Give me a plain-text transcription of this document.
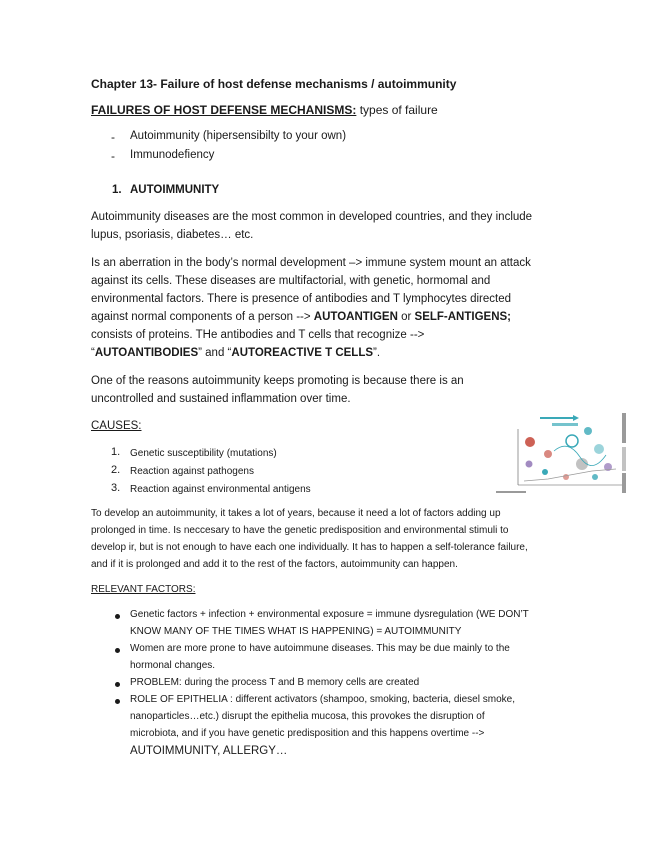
Chapter 13- Failure of host defense mechanisms / autoimmunity
FAILURES OF HOST DEFENSE MECHANISMS: types of failure
- Autoimmunity (hipersensibilty to your own)
- Immunodefiency
1. AUTOIMMUNITY
Autoimmunity diseases are the most common in developed countries, and they include
lupus, psoriasis, diabetes… etc.
Is an aberration in the body’s normal development –> immune system mount an attack
against its cells. These diseases are multifactorial, with genetic, hormomal and
environmental factors. There is presence of antibodies and T lymphocytes directed
against normal components of a person --> AUTOANTIGEN or SELF-ANTIGENS;
consists of proteins. THe antibodies and T cells that recognize -->
“AUTOANTIBODIES” and “AUTOREACTIVE T CELLS”.
One of the reasons autoimmunity keeps promoting is because there is an
uncontrolled and sustained inflammation over time.
CAUSES:
1. Genetic susceptibility (mutations)
2. Reaction against pathogens
3. Reaction against environmental antigens
To develop an autoimmunity, it takes a lot of years, because it need a lot of factors adding up
prolonged in time. Is neccesary to have the genetic predisposition and environmental stimuli to
develop ir, but is not enough to have each one individually. It has to happen a self-tolerance failure,
and if it is prolonged and add it to the rest of the factors, autoimmunity can happen.
RELEVANT FACTORS:
Genetic factors + infection + environmental exposure = immune dysregulation (WE DON’T
KNOW MANY OF THE TIMES WHAT IS HAPPENING) = AUTOIMMUNITY
Women are more prone to have autoimmune diseases. This may be due mainly to the
hormonal changes.
PROBLEM: during the process T and B memory cells are created
ROLE OF EPITHELIA : different activators (shampoo, smoking, bacteria, diesel smoke,
nanoparticles…etc.) disrupt the epithelia mucosa, this provokes the disruption of
microbiota, and if you have genetic predisposition and this happens overtime -->
AUTOIMMUNITY, ALLERGY…
